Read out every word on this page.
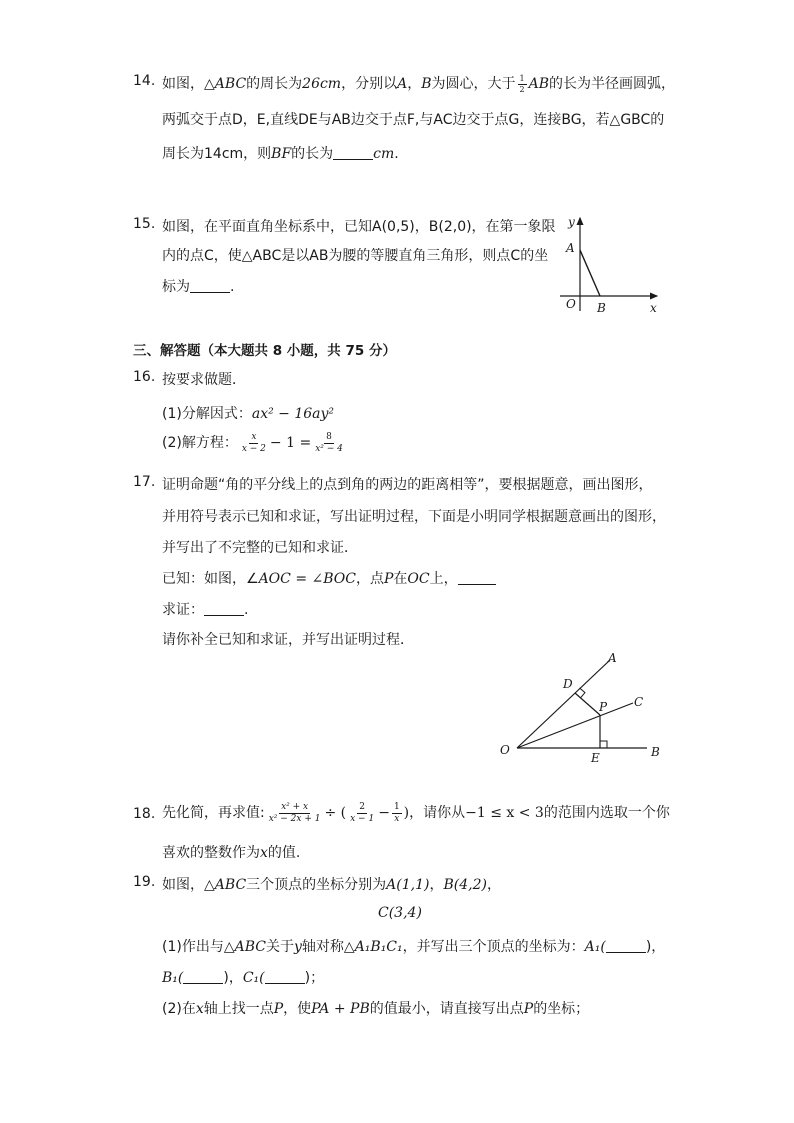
14. 如图，△ABC的周长为26cm，分别以A，B为圆心，大于 $\frac{1}{2}$ AB的长为半径画圆弧，
两弧交于点D，E,直线DE与AB边交于点F,与AC边交于点G，连接BG，若△GBC的
周长为14cm，则BF的长为	cm.
15. 如图，在平面直角坐标系中，已知A(0,5)，B(2,0)，在第一象限
内的点C，使△ABC是以AB为腰的等腰直角三角形，则点C的坐
标为	.
y
A
O B	x
三、解答题（本大题共 8 小题，共 75 分）
16. 按要求做题．
(1)分解因式：ax² − 16ay²
(2)解方程： $\frac{x}{x - 2} - 1 = \frac{8}{\text{x² − 4}}$
17. 证明命题“角的平分线上的点到角的两边的距离相等”，要根据题意，画出图形，
并用符号表示已知和求证，写出证明过程，下面是小明同学根据题意画出的图形，
并写出了不完整的已知和求证．
已知：如图，∠AOC = ∠BOC，点P在OC上，
求证：	.
请你补全已知和求证，并写出证明过程．
A
D
P C
O
E	B
18. 先化简，再求值: $\frac{\text{x² + x}}{\text{x² − 2x + 1}}$ ÷ ( $\frac{2}{x - 1} - \frac{1}{x}$ )，请你从−1 ≤ x < 3的范围内选取一个你
喜欢的整数作为x的值.
19. 如图，△ABC三个顶点的坐标分别为A(1,1)，B(4,2)，
C(3,4)
(1)作出与△ABC关于y轴对称△A₁B₁C₁，并写出三个顶点的坐标为：A₁(	)，
B₁(	)，C₁(	)；
(2)在x轴上找一点P，使PA + PB的值最小，请直接写出点P的坐标；
